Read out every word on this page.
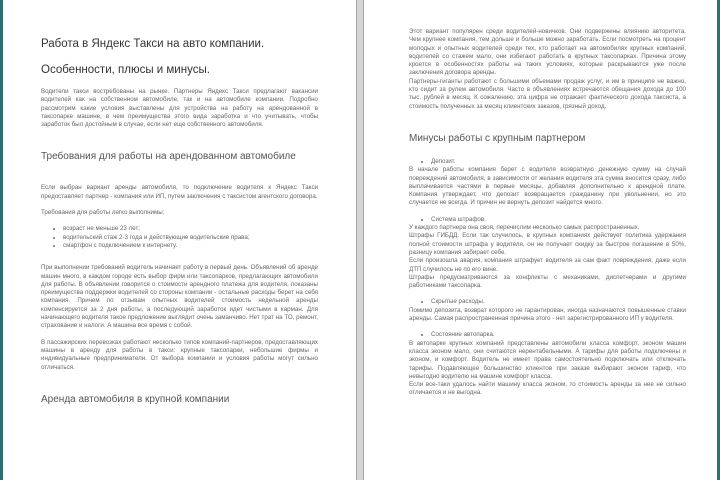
Работа в Яндекс Такси на авто компании.
Особенности, плюсы и минусы.

Водители такси востребованы на рынке. Партнеры Яндекс Такси предлагают вакансии водителей как на собственном автомобиле, так и на автомобиле компании. Подробно рассмотрим какие условия выставлены для устройства на работу на арендованной в таксопарке машине, в чем преимущества этого вида заработка и что учитывать, чтобы заработок был достойным в случае, если нет еще собственного автомобиля.

Требования для работы на арендованном автомобиле

Если выбран вариант аренды автомобиля, то подключение водителя к Яндекс Такси предоставляет партнер - компания или ИП, путем заключения с таксистом агентского договора.

Требования для работы легко выполнимы:

• возраст не меньше 23 лет;
• водительский стаж 2-3 года и действующие водительские права;
• смартфон с подключением к интернету.

При выполнении требований водитель начинает работу в первый день. Объявлений об аренде машин много, в каждом городе есть выбор фирм или таксопарков, предлагающих автомобили для работы. В объявлении говорится о стоимости арендного платежа для водителя, показаны преимущества поддержки водителей со стороны компании - остальные расходы берет на себя компания. Причем по отзывам опытных водителей стоимость недельной аренды компенсируется за 2 дня работы, а последующий заработок идет чистыми в карман. Для начинающего водителя такое предложение выглядит очень заманчиво. Нет трат на ТО, ремонт, страхование и налоги. А машина все время с собой.

В пассажирских перевозках работают несколько типов компаний-партнеров, предоставляющих машины в аренду для работы в такси: крупные таксопарки, небольшие фирмы и индивидуальные предприниматели. От выбора компании и условия работы могут сильно отличаться.

Аренда автомобиля в крупной компании

Этот вариант популярен среди водителей-новичков. Они подвержены влиянию авторитета. Чем крупнее компания, тем дольше и больше можно заработать. Если посмотреть на процент молодых и опытных водителей среди тех, кто работает на автомобилях крупных компаний, водителей со стажем мало, они избегают работать в крупных таксопарках. Причина этому кроется в особенностях работы на таких условиях, которые раскрываются уже после заключения договора аренды.

Партнеры-гиганты работают с большими объемами продаж услуг, и им в принципе не важно, кто сидит за рулем автомобиля. Часто в объявлениях встречаются обещания дохода до 100 тыс. рублей в месяц. К сожалению, эта цифра не отражает фактического дохода таксиста, а стоимость полученных за месяц клиентских заказов, грязный доход.

Минусы работы с крупным партнером
• Депозит.

В начале работы компания берет с водителя возвратную денежную сумму на случай повреждений автомобиля, в зависимости от желания водителя эта сумма вносится сразу, либо выплачивается частями в первые месяцы, добавляя дополнительно к арендной плате. Компания утверждает, что депозит возвращается гражданину при увольнении, но это случается не всегда. И причин не вернуть депозит найдется много.

• Система штрафов.

У каждого партнера она своя, перечислим несколько самых распространенных.

Штрафы ГИБДД. Если так случилось, в крупных компаниях действует политика удержания полной стоимости штрафа у водителя, он не получает скидку за быстрое погашение в 50%, разницу компания забирает себе.

Если произошла авария, компания штрафует водителя за сам факт повреждения, даже если ДТП случилось не по его вине.

Штрафы предусматриваются за конфликты с механиками, диспетчерами и другими работниками таксопарка.

• Скрытые расходы.

Помимо депозита, возврат которого не гарантирован, иногда назначаются повышенные ставки аренды. Самая распространенная причина этого - нет зарегистрированного ИП у водителя.

• Состояние автопарка.

В автопарке крупных компаний представлены автомобили класса комфорт, эконом машин класса эконом мало, они считаются нерентабельными. А тарифы для работы подключены и эконом, и комфорт. Водитель не имеет права самостоятельно подключать или отключать тарифы. Подавляющее большинство клиентов при заказе выбирают эконом тариф, что невыгодно водителю на машине комфорт класса.

Если все-таки удалось найти машину класса эконом, то стоимость аренды за нее не сильно отличается и не выгодна.
